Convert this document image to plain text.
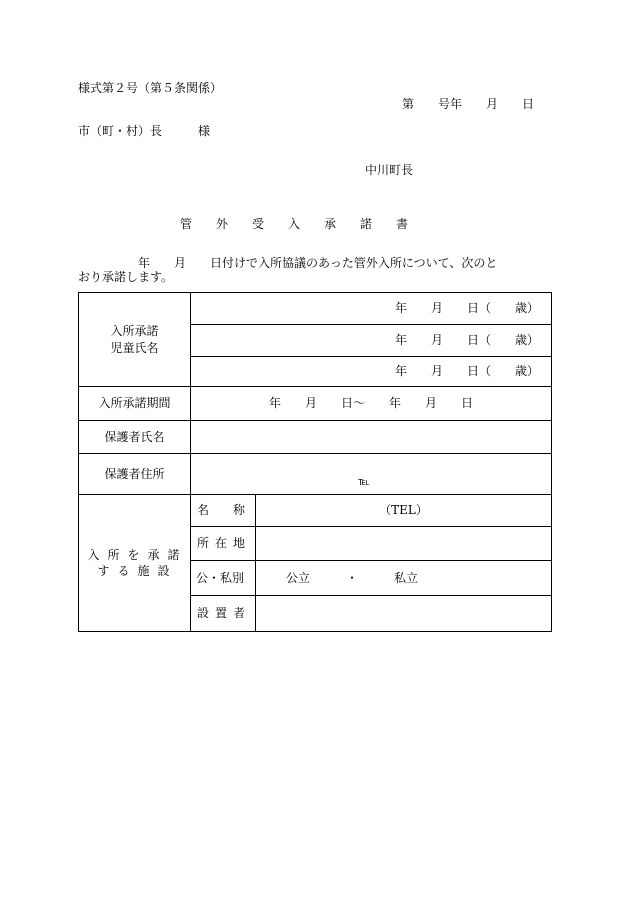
様式第２号（第５条関係）
第　　号年　　月　　日
市（町・村）長　　　様
中川町長
管　　外　　受　　入　　承　　諾　　書
　　　　　年　　月　　日付けで入所協議のあった管外入所について、次のと
おり承諾します。
入所承諾
児童氏名	年　　月　　日（　　歳）	
	年　　月　　日（　　歳）	
	年　　月　　日（　　歳）	
入所承諾期間	年　　月　　日〜　　年　　月　　日	
保護者氏名		
保護者住所	℡	

入所を承諾
する施設	名　　称	（TEL）
	所在地	
	公・私別	公立　　　・　　　私立
	設置者	
